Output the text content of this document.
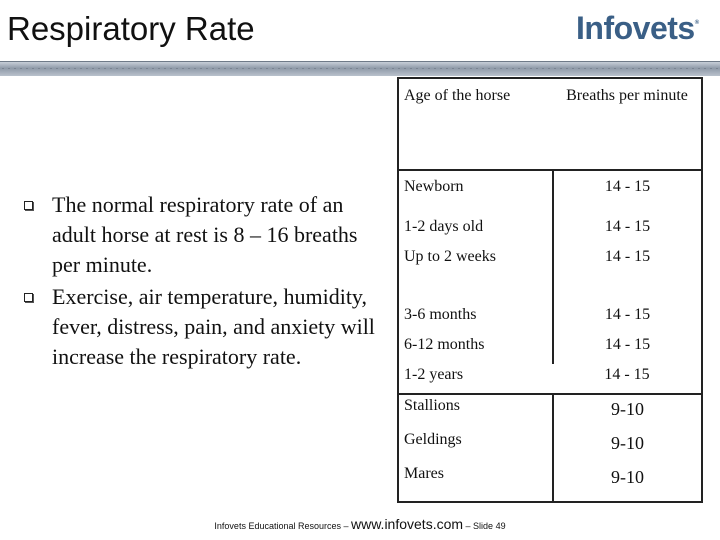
Respiratory Rate	Infovets®
The normal respiratory rate of an adult horse at rest is 8 – 16 breaths per minute.
Exercise, air temperature, humidity, fever, distress, pain, and anxiety will increase the respiratory rate.
Age of the horse	Breaths per minute
Newborn	14 - 15
1-2 days old	14 - 15
Up to 2 weeks	14 - 15
3-6 months	14 - 15
6-12 months	14 - 15
1-2 years	14 - 15
Stallions	9-10
Geldings	9-10
Mares	9-10
Infovets Educational Resources – www.infovets.com – Slide 49
